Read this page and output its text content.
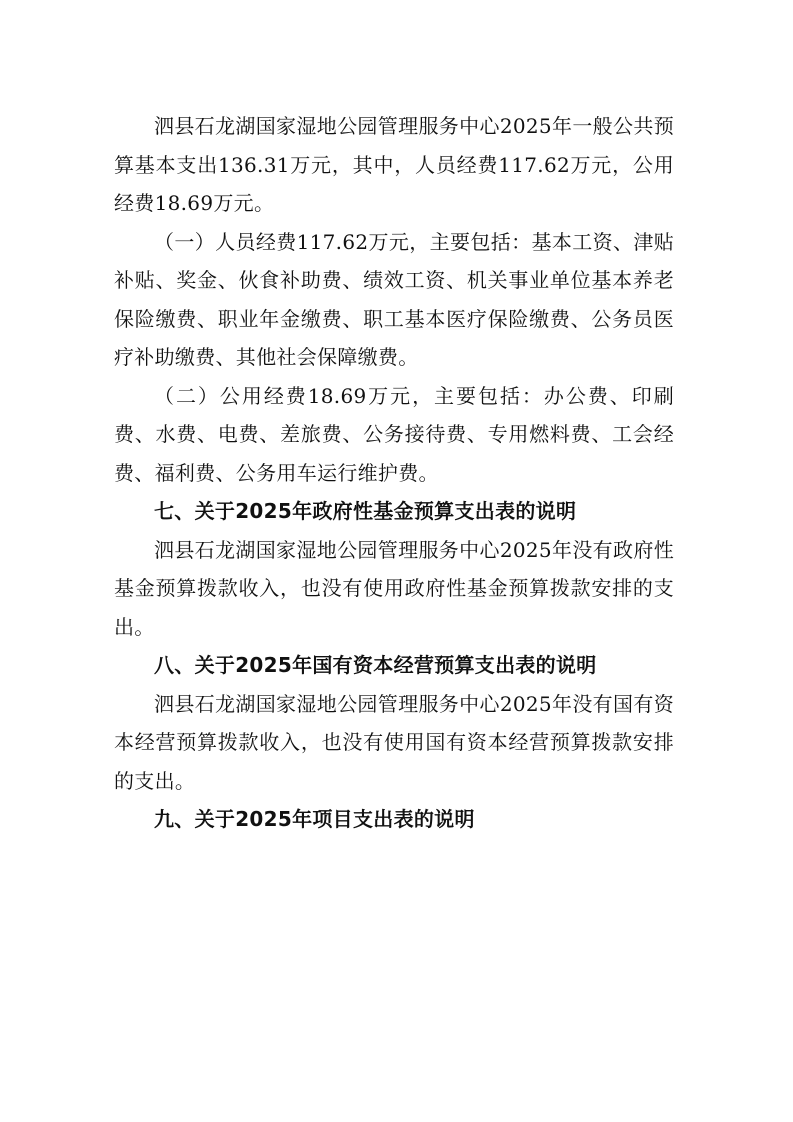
泗县石龙湖国家湿地公园管理服务中心2025年一般公共预算基本支出136.31万元，其中，人员经费117.62万元，公用经费18.69万元。

（一）人员经费117.62万元，主要包括：基本工资、津贴补贴、奖金、伙食补助费、绩效工资、机关事业单位基本养老保险缴费、职业年金缴费、职工基本医疗保险缴费、公务员医疗补助缴费、其他社会保障缴费。

（二）公用经费18.69万元，主要包括：办公费、印刷费、水费、电费、差旅费、公务接待费、专用燃料费、工会经费、福利费、公务用车运行维护费。

七、关于2025年政府性基金预算支出表的说明

泗县石龙湖国家湿地公园管理服务中心2025年没有政府性基金预算拨款收入，也没有使用政府性基金预算拨款安排的支出。

八、关于2025年国有资本经营预算支出表的说明

泗县石龙湖国家湿地公园管理服务中心2025年没有国有资本经营预算拨款收入，也没有使用国有资本经营预算拨款安排的支出。

九、关于2025年项目支出表的说明
